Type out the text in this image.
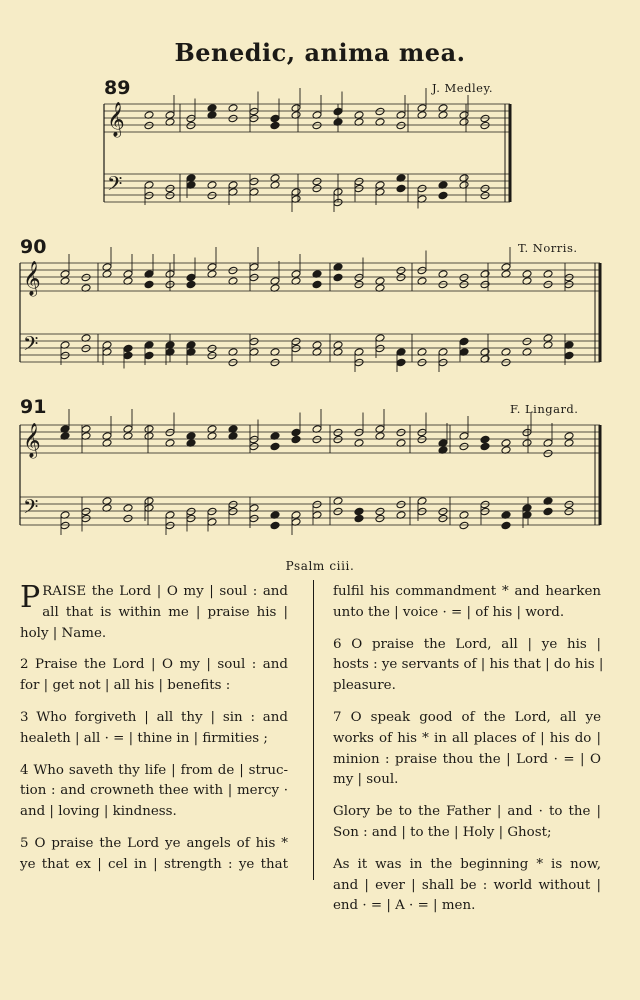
Benedic, anima mea.
89	J. Medley.
90	T. Norris.
91	F. Lingard.
𝄞
𝄢
𝄞
𝄢
𝄞
𝄢
Psalm ciii.

P RAISE the Lord | O my | soul : and
all that is within me | praise his |
holy | Name.

2 Praise the Lord | O my | soul : and
for | get not | all his | benefits :

3 Who forgiveth | all thy | sin : and
healeth | all · = | thine in | firmities ;

4 Who saveth thy life | from de | struc-
tion : and crowneth thee with | mercy ·
and | loving | kindness.

5 O praise the Lord ye angels of his *
ye that ex | cel in | strength : ye that

fulfil his commandment * and hearken
unto the | voice · = | of his | word.

6 O praise the Lord, all | ye his |
hosts : ye servants of | his that | do his |
pleasure.

7 O speak good of the Lord, all ye
works of his * in all places of | his do |
minion : praise thou the | Lord · = | O
my | soul.

Glory be to the Father | and · to the |
Son : and | to the | Holy | Ghost;

As it was in the beginning * is now,
and | ever | shall be : world without |
end · = | A · = | men.
